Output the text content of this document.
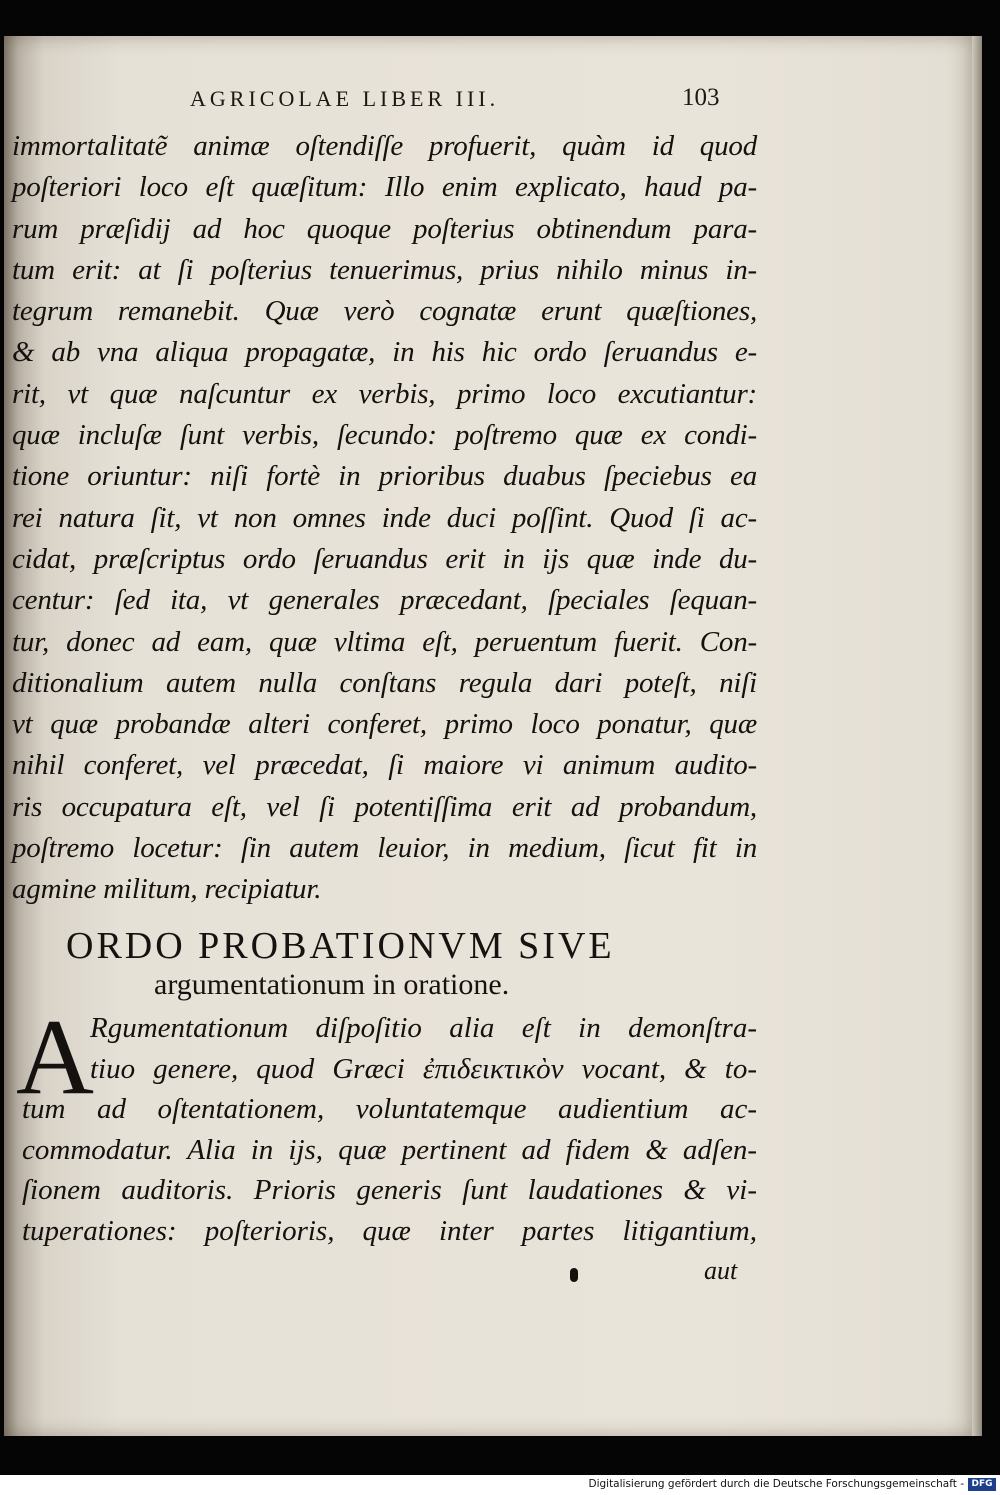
AGRICOLAE LIBER III.	103
immortalitatẽ animæ oſtendiſſe profuerit, quàm id quod
poſteriori loco eſt quæſitum: Illo enim explicato, haud pa-
rum præſidij ad hoc quoque poſterius obtinendum para-
tum erit: at ſi poſterius tenuerimus, prius nihilo minus in-
tegrum remanebit. Quæ verò cognatæ erunt quæſtiones,
& ab vna aliqua propagatæ, in his hic ordo ſeruandus e-
rit, vt quæ naſcuntur ex verbis, primo loco excutiantur:
quæ incluſæ ſunt verbis, ſecundo: poſtremo quæ ex condi-
tione oriuntur: niſi fortè in prioribus duabus ſpeciebus ea
rei natura ſit, vt non omnes inde duci poſſint. Quod ſi ac-
cidat, præſcriptus ordo ſeruandus erit in ijs quæ inde du-
centur: ſed ita, vt generales præcedant, ſpeciales ſequan-
tur, donec ad eam, quæ vltima eſt, peruentum fuerit. Con-
ditionalium autem nulla conſtans regula dari poteſt, niſi
vt quæ probandæ alteri conferet, primo loco ponatur, quæ
nihil conferet, vel præcedat, ſi maiore vi animum audito-
ris occupatura eſt, vel ſi potentiſſima erit ad probandum,
poſtremo locetur: ſin autem leuior, in medium, ſicut fit in
agmine militum, recipiatur.
ORDO PROBATIONVM SIVE
argumentationum in oratione.
A
Rgumentationum diſpoſitio alia eſt in demonſtra-
tiuo genere, quod Græci ἐπιδεικτικὸν vocant, & to-
tum ad oſtentationem, voluntatemque audientium ac-
commodatur. Alia in ijs, quæ pertinent ad fidem & adſen-
ſionem auditoris. Prioris generis ſunt laudationes & vi-
tuperationes: poſterioris, quæ inter partes litigantium,
aut
Digitalisierung gefördert durch die Deutsche Forschungsgemeinschaft - DFG
